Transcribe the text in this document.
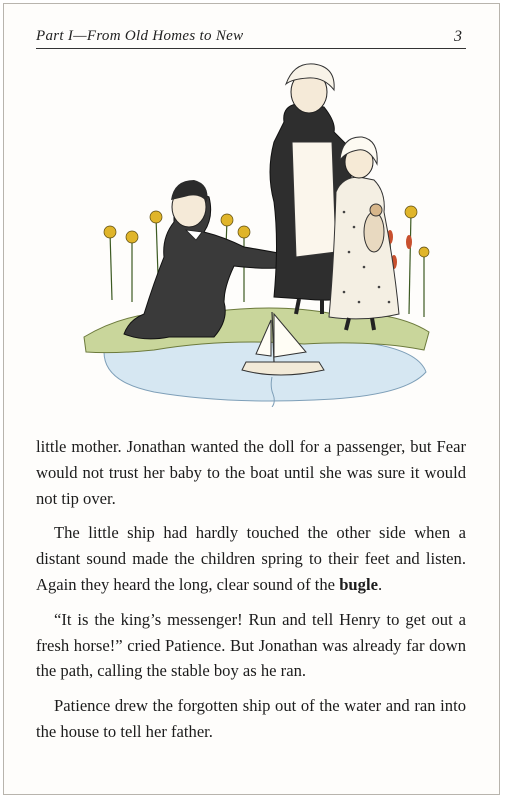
Part I—From Old Homes to New	3

little mother. Jonathan wanted the doll for a passenger, but Fear would not trust her baby to the boat until she was sure it would not tip over.

The little ship had hardly touched the other side when a distant sound made the children spring to their feet and listen. Again they heard the long, clear sound of the bugle.

“It is the king’s messenger! Run and tell Henry to get out a fresh horse!” cried Patience. But Jonathan was already far down the path, calling the stable boy as he ran.

Patience drew the forgotten ship out of the water and ran into the house to tell her father.
